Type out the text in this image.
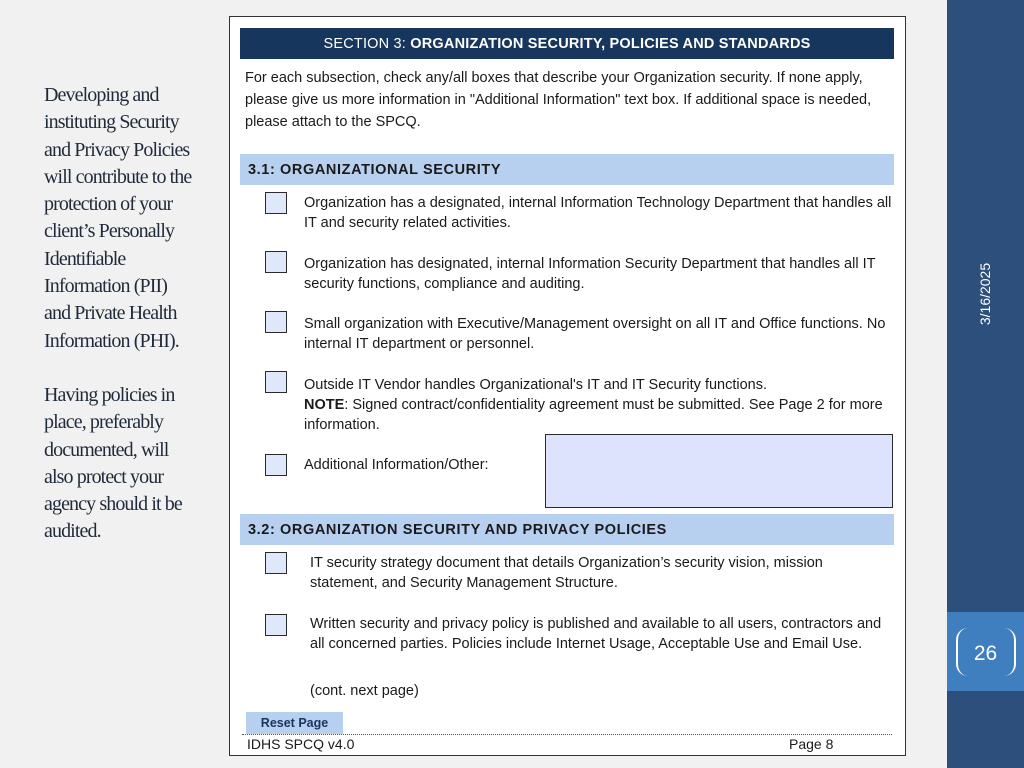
Developing and instituting Security and Privacy Policies will contribute to the protection of your client’s Personally Identifiable Information (PII) and Private Health Information (PHI).

Having policies in place, preferably documented, will also protect your agency should it be audited.

SECTION 3: ORGANIZATION SECURITY, POLICIES AND STANDARDS
For each subsection, check any/all boxes that describe your Organization security. If none apply, please give us more information in "Additional Information" text box. If additional space is needed, please attach to the SPCQ.
3.1: ORGANIZATIONAL SECURITY
Organization has a designated, internal Information Technology Department that handles all IT and security related activities.
Organization has designated, internal Information Security Department that handles all IT security functions, compliance and auditing.
Small organization with Executive/Management oversight on all IT and Office functions. No internal IT department or personnel.
Outside IT Vendor handles Organizational's IT and IT Security functions.
NOTE: Signed contract/confidentiality agreement must be submitted. See Page 2 for more information.
Additional Information/Other:
3.2: ORGANIZATION SECURITY AND PRIVACY POLICIES
IT security strategy document that details Organization’s security vision, mission statement, and Security Management Structure.
Written security and privacy policy is published and available to all users, contractors and all concerned parties. Policies include Internet Usage, Acceptable Use and Email Use.
(cont. next page)
Reset Page
IDHS SPCQ v4.0	Page 8
3/16/2025
26
